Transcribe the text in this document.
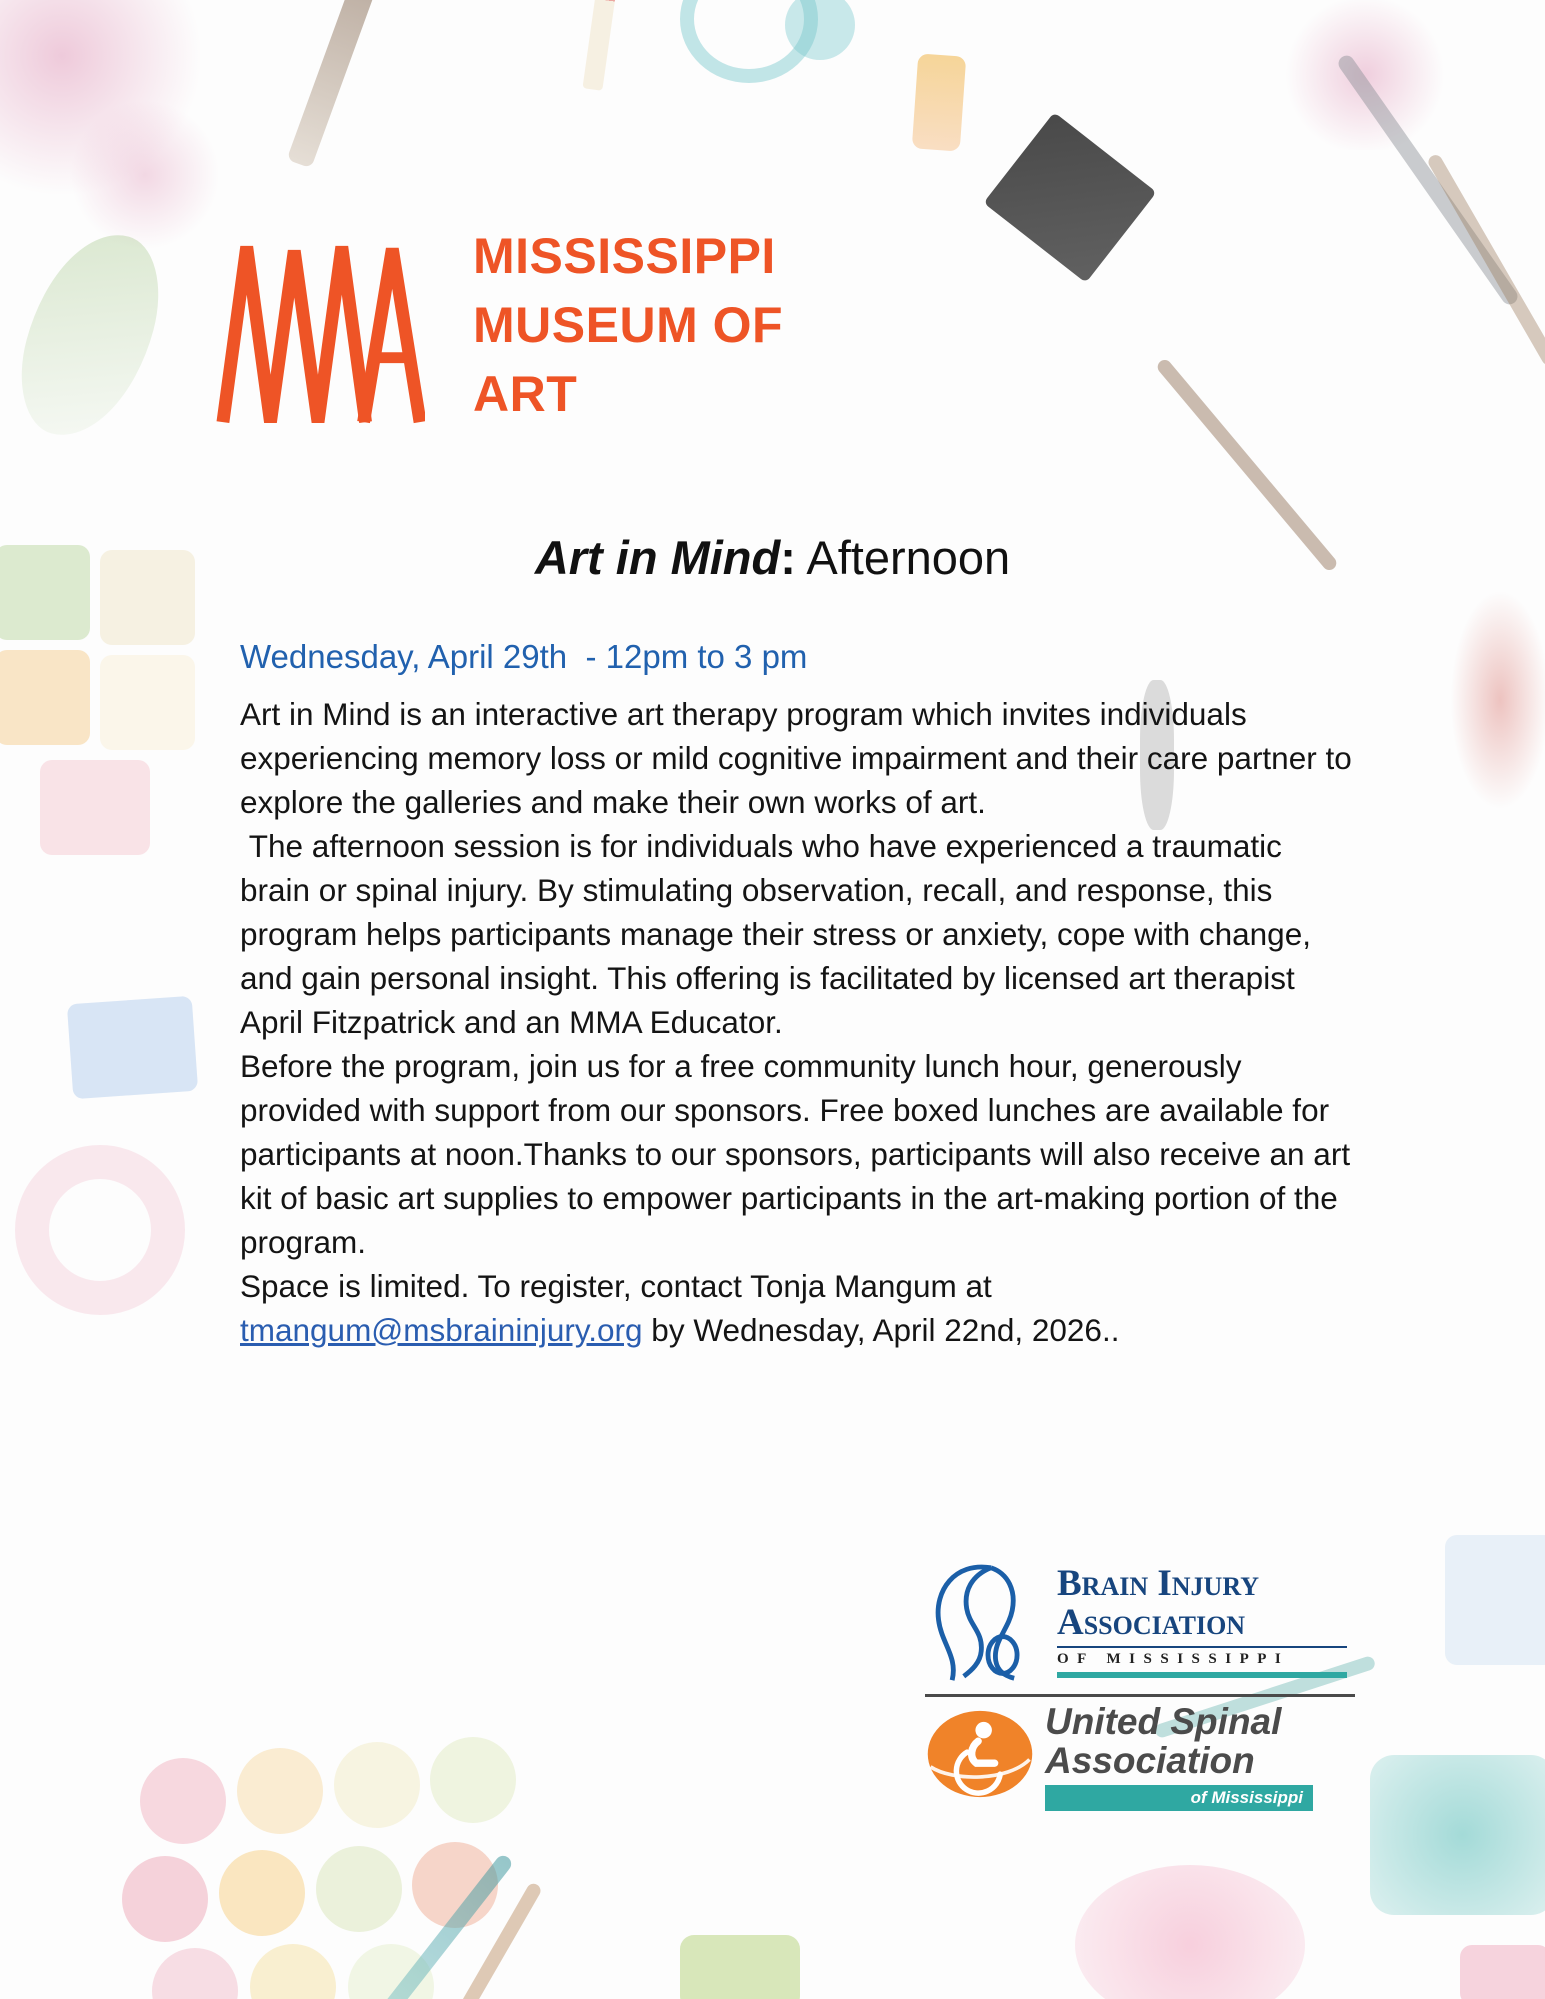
MISSISSIPPI
MUSEUM OF
ART
Art in Mind: Afternoon
Wednesday, April 29th  - 12pm to 3 pm

Art in Mind is an interactive art therapy program which invites individuals experiencing memory loss or mild cognitive impairment and their care partner to explore the galleries and make their own works of art.

The afternoon session is for individuals who have experienced a traumatic brain or spinal injury. By stimulating observation, recall, and response, this program helps participants manage their stress or anxiety, cope with change, and gain personal insight. This offering is facilitated by licensed art therapist April Fitzpatrick and an MMA Educator.

Before the program, join us for a free community lunch hour, generously provided with support from our sponsors. Free boxed lunches are available for participants at noon.Thanks to our sponsors, participants will also receive an art kit of basic art supplies to empower participants in the art-making portion of the program.

Space is limited. To register, contact Tonja Mangum at tmangum@msbraininjury.org by Wednesday, April 22nd, 2026..

Brain Injury
Association
OF MISSISSIPPI
United Spinal
Association
of Mississippi
